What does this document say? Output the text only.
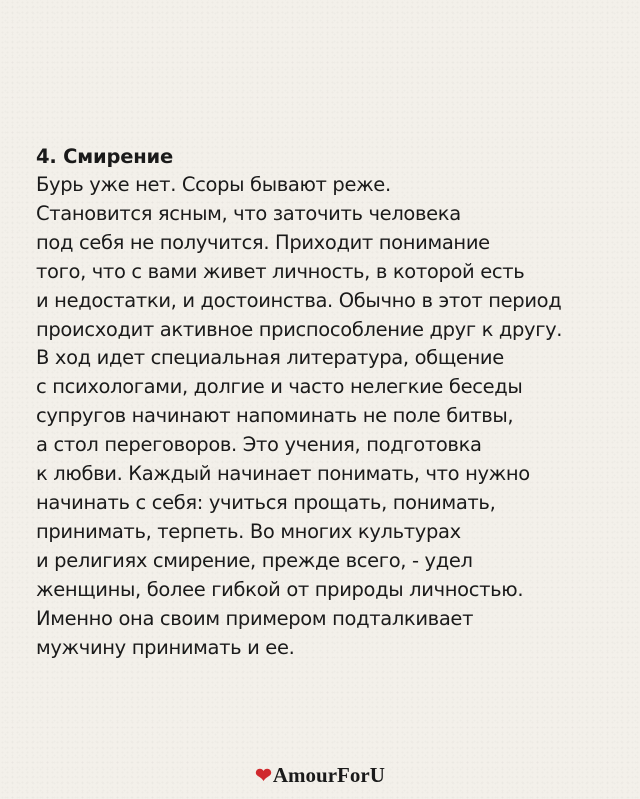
4. Смирение
Бурь уже нет. Ссоры бывают реже.
Становится ясным, что заточить человека
под себя не получится. Приходит понимание
того, что с вами живет личность, в которой есть
и недостатки, и достоинства. Обычно в этот период
происходит активное приспособление друг к другу.
В ход идет специальная литература, общение
с психологами, долгие и часто нелегкие беседы
супругов начинают напоминать не поле битвы,
а стол переговоров. Это учения, подготовка
к любви. Каждый начинает понимать, что нужно
начинать с себя: учиться прощать, понимать,
принимать, терпеть. Во многих культурах
и религиях смирение, прежде всего, - удел
женщины, более гибкой от природы личностью.
Именно она своим примером подталкивает
мужчину принимать и ее.
❤AmourForU
